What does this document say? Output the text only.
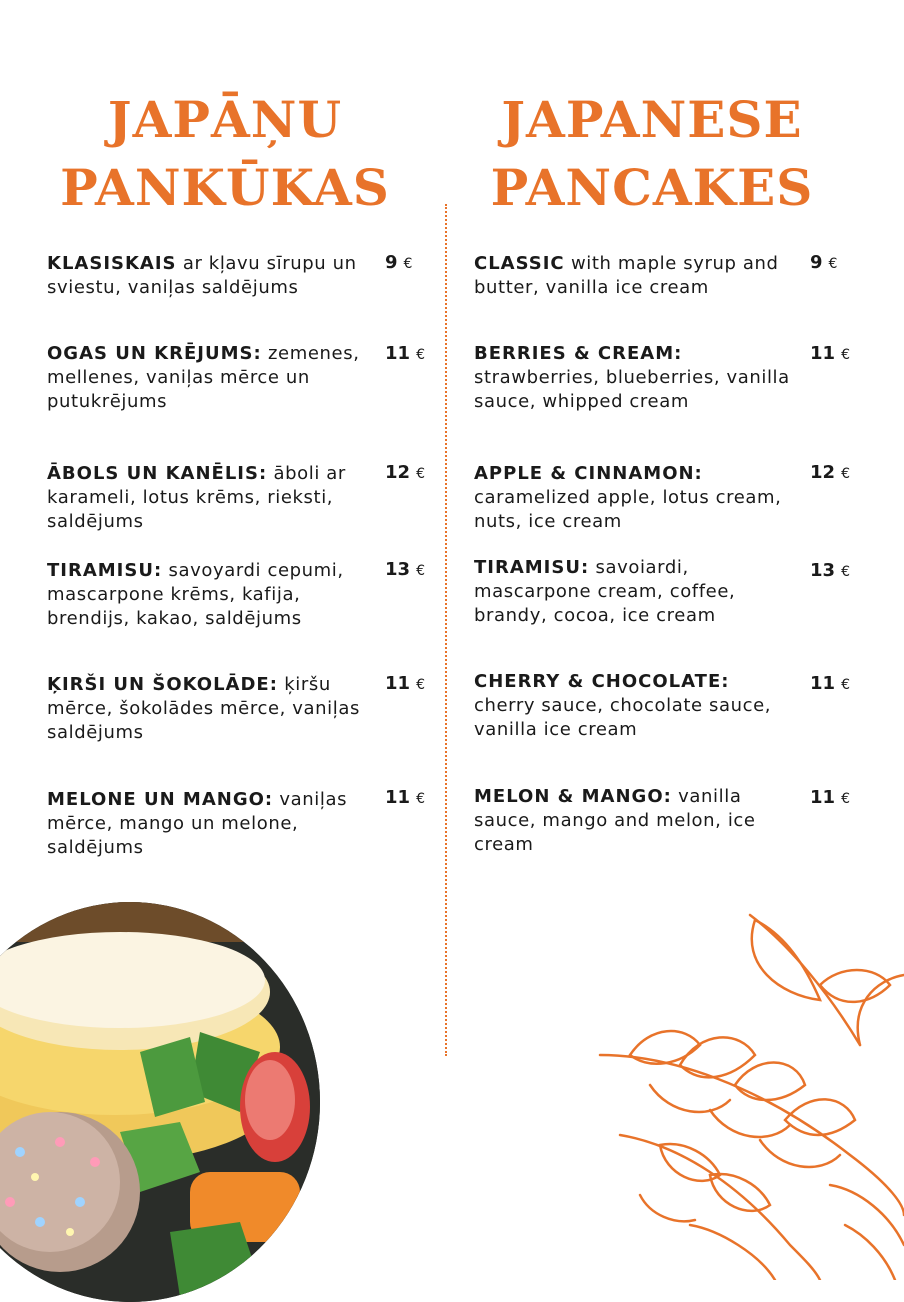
JAPĀŅU
PANKŪKAS
JAPANESE
PANCAKES
KLASISKAIS ar kļavu sīrupu un sviestu, vaniļas saldējums
9 €
OGAS UN KRĒJUMS: zemenes, mellenes, vaniļas mērce un putukrējums
11 €
ĀBOLS UN KANĒLIS: āboli ar karameli, lotus krēms, rieksti, saldējums
12 €
TIRAMISU: savoyardi cepumi, mascarpone krēms, kafija, brendijs, kakao, saldējums
13 €
ĶIRŠI UN ŠOKOLĀDE: ķiršu mērce, šokolādes mērce, vaniļas saldējums
11 €
MELONE UN MANGO: vaniļas mērce, mango un melone, saldējums
11 €
CLASSIC with maple syrup and butter, vanilla ice cream
9 €
BERRIES & CREAM: strawberries, blueberries, vanilla sauce, whipped cream
11 €
APPLE & CINNAMON: caramelized apple, lotus cream, nuts, ice cream
12 €
TIRAMISU: savoiardi, mascarpone cream, coffee, brandy, cocoa, ice cream
13 €
CHERRY & CHOCOLATE: cherry sauce, chocolate sauce, vanilla ice cream
11 €
MELON & MANGO: vanilla sauce, mango and melon, ice cream
11 €
